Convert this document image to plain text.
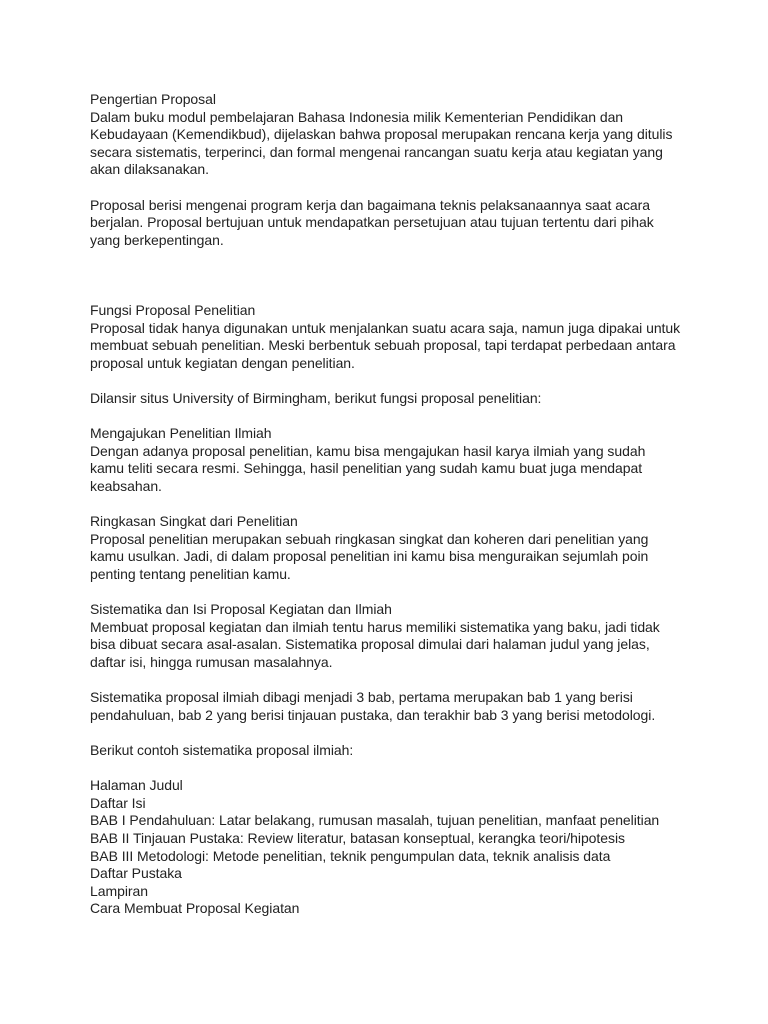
Pengertian Proposal
Dalam buku modul pembelajaran Bahasa Indonesia milik Kementerian Pendidikan dan
Kebudayaan (Kemendikbud), dijelaskan bahwa proposal merupakan rencana kerja yang ditulis
secara sistematis, terperinci, dan formal mengenai rancangan suatu kerja atau kegiatan yang
akan dilaksanakan.
Proposal berisi mengenai program kerja dan bagaimana teknis pelaksanaannya saat acara
berjalan. Proposal bertujuan untuk mendapatkan persetujuan atau tujuan tertentu dari pihak
yang berkepentingan.
Fungsi Proposal Penelitian
Proposal tidak hanya digunakan untuk menjalankan suatu acara saja, namun juga dipakai untuk
membuat sebuah penelitian. Meski berbentuk sebuah proposal, tapi terdapat perbedaan antara
proposal untuk kegiatan dengan penelitian.
Dilansir situs University of Birmingham, berikut fungsi proposal penelitian:
Mengajukan Penelitian Ilmiah
Dengan adanya proposal penelitian, kamu bisa mengajukan hasil karya ilmiah yang sudah
kamu teliti secara resmi. Sehingga, hasil penelitian yang sudah kamu buat juga mendapat
keabsahan.
Ringkasan Singkat dari Penelitian
Proposal penelitian merupakan sebuah ringkasan singkat dan koheren dari penelitian yang
kamu usulkan. Jadi, di dalam proposal penelitian ini kamu bisa menguraikan sejumlah poin
penting tentang penelitian kamu.
Sistematika dan Isi Proposal Kegiatan dan Ilmiah
Membuat proposal kegiatan dan ilmiah tentu harus memiliki sistematika yang baku, jadi tidak
bisa dibuat secara asal-asalan. Sistematika proposal dimulai dari halaman judul yang jelas,
daftar isi, hingga rumusan masalahnya.
Sistematika proposal ilmiah dibagi menjadi 3 bab, pertama merupakan bab 1 yang berisi
pendahuluan, bab 2 yang berisi tinjauan pustaka, dan terakhir bab 3 yang berisi metodologi.
Berikut contoh sistematika proposal ilmiah:
Halaman Judul
Daftar Isi
BAB I Pendahuluan: Latar belakang, rumusan masalah, tujuan penelitian, manfaat penelitian
BAB II Tinjauan Pustaka: Review literatur, batasan konseptual, kerangka teori/hipotesis
BAB III Metodologi: Metode penelitian, teknik pengumpulan data, teknik analisis data
Daftar Pustaka
Lampiran
Cara Membuat Proposal Kegiatan
